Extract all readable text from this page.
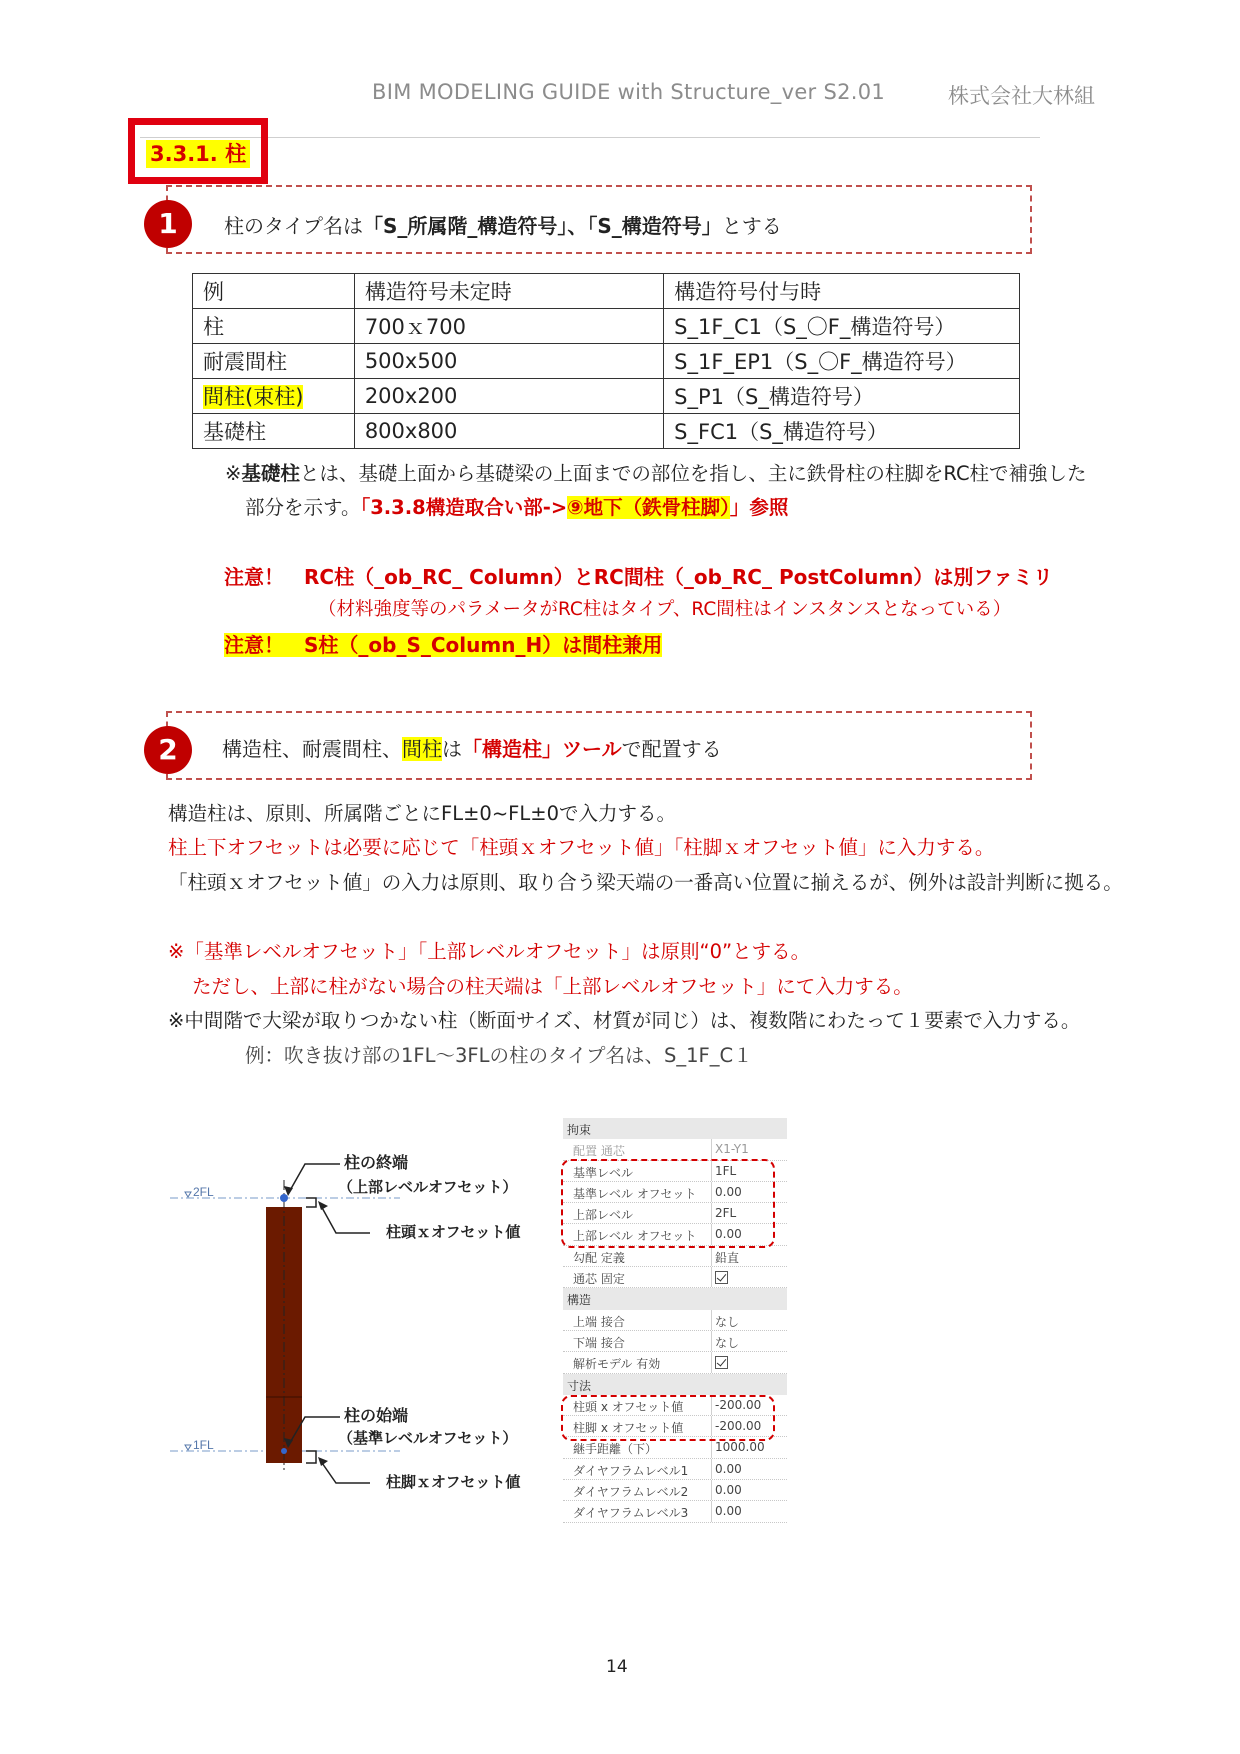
BIM MODELING GUIDE with Structure_ver S2.01	株式会社大林組
3.3.1. 柱
1	柱のタイプ名は「S_所属階_構造符号」、「S_構造符号」とする
例	構造符号未定時	構造符号付与時
柱	700ｘ700	S_1F_C1（S_〇F_構造符号）
耐震間柱	500x500	S_1F_EP1（S_〇F_構造符号）
間柱(束柱)	200x200	S_P1（S_構造符号）
基礎柱	800x800	S_FC1（S_構造符号）
※基礎柱とは、基礎上面から基礎梁の上面までの部位を指し、主に鉄骨柱の柱脚をRC柱で補強した
部分を示す。「3.3.8構造取合い部->⑨地下（鉄骨柱脚）」参照
注意！　RC柱（_ob_RC_ Column）とRC間柱（_ob_RC_ PostColumn）は別ファミリ
（材料強度等のパラメータがRC柱はタイプ、RC間柱はインスタンスとなっている）
注意！　S柱（_ob_S_Column_H）は間柱兼用
2	構造柱、耐震間柱、間柱は「構造柱」ツールで配置する
構造柱は、原則、所属階ごとにFL±0~FL±0で入力する。
柱上下オフセットは必要に応じて「柱頭ｘオフセット値」「柱脚ｘオフセット値」に入力する。
「柱頭ｘオフセット値」の入力は原則、取り合う梁天端の一番高い位置に揃えるが、例外は設計判断に拠る。
※「基準レベルオフセット」「上部レベルオフセット」は原則“0”とする。
ただし、上部に柱がない場合の柱天端は「上部レベルオフセット」にて入力する。
※中間階で大梁が取りつかない柱（断面サイズ、材質が同じ）は、複数階にわたって１要素で入力する。
例：吹き抜け部の1FL～3FLの柱のタイプ名は、S_1F_C１
2FL
1FL
柱の終端
（上部レベルオフセット）
柱頭ｘオフセット値
柱の始端
（基準レベルオフセット）
柱脚ｘオフセット値
拘束
配置 通芯	X1-Y1
基準レベル	1FL
基準レベル オフセット 0.00
上部レベル	2FL
上部レベル オフセット 0.00
勾配 定義	鉛直
通芯 固定
構造
上端 接合	なし
下端 接合	なし
解析モデル 有効
寸法
柱頭 x オフセット値	-200.00
柱脚 x オフセット値	-200.00
継手距離（下）	1000.00
ダイヤフラムレベル1 0.00
ダイヤフラムレベル2 0.00
ダイヤフラムレベル3 0.00
14
